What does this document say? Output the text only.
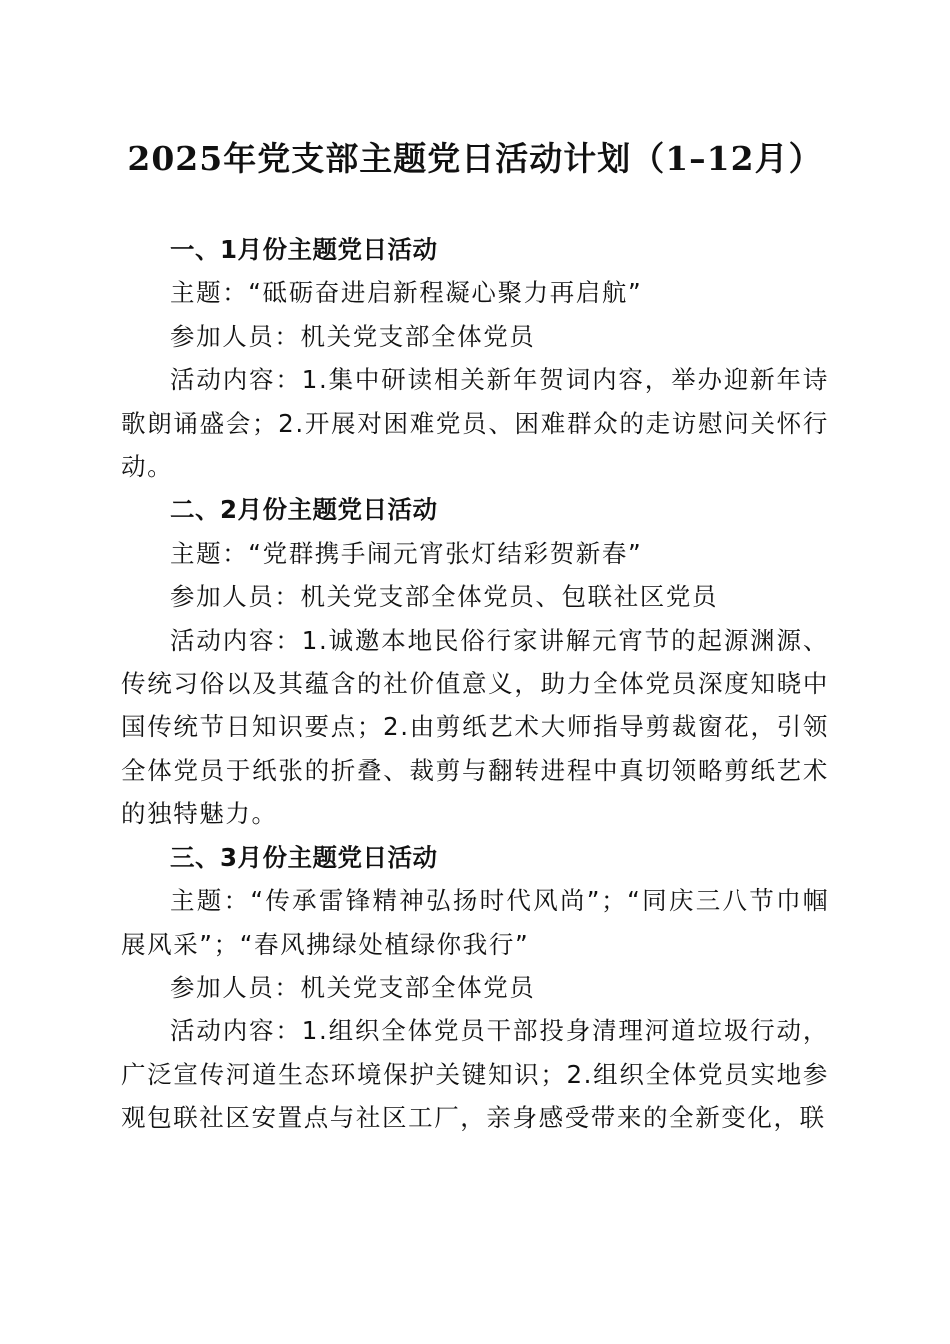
2025年党支部主题党日活动计划（1–12月）

一、1月份主题党日活动

主题：“砥砺奋进启新程凝心聚力再启航”

参加人员：机关党支部全体党员

活动内容：1.集中研读相关新年贺词内容，举办迎新年诗歌朗诵盛会；2.开展对困难党员、困难群众的走访慰问关怀行动。

二、2月份主题党日活动

主题：“党群携手闹元宵张灯结彩贺新春”

参加人员：机关党支部全体党员、包联社区党员

活动内容：1.诚邀本地民俗行家讲解元宵节的起源渊源、传统习俗以及其蕴含的社价值意义，助力全体党员深度知晓中国传统节日知识要点；2.由剪纸艺术大师指导剪裁窗花，引领全体党员于纸张的折叠、裁剪与翻转进程中真切领略剪纸艺术的独特魅力。

三、3月份主题党日活动

主题：“传承雷锋精神弘扬时代风尚”；“同庆三八节巾帼展风采”；“春风拂绿处植绿你我行”

参加人员：机关党支部全体党员

活动内容：1.组织全体党员干部投身清理河道垃圾行动，广泛宣传河道生态环境保护关键知识；2.组织全体党员实地参观包联社区安置点与社区工厂，亲身感受带来的全新变化，联
